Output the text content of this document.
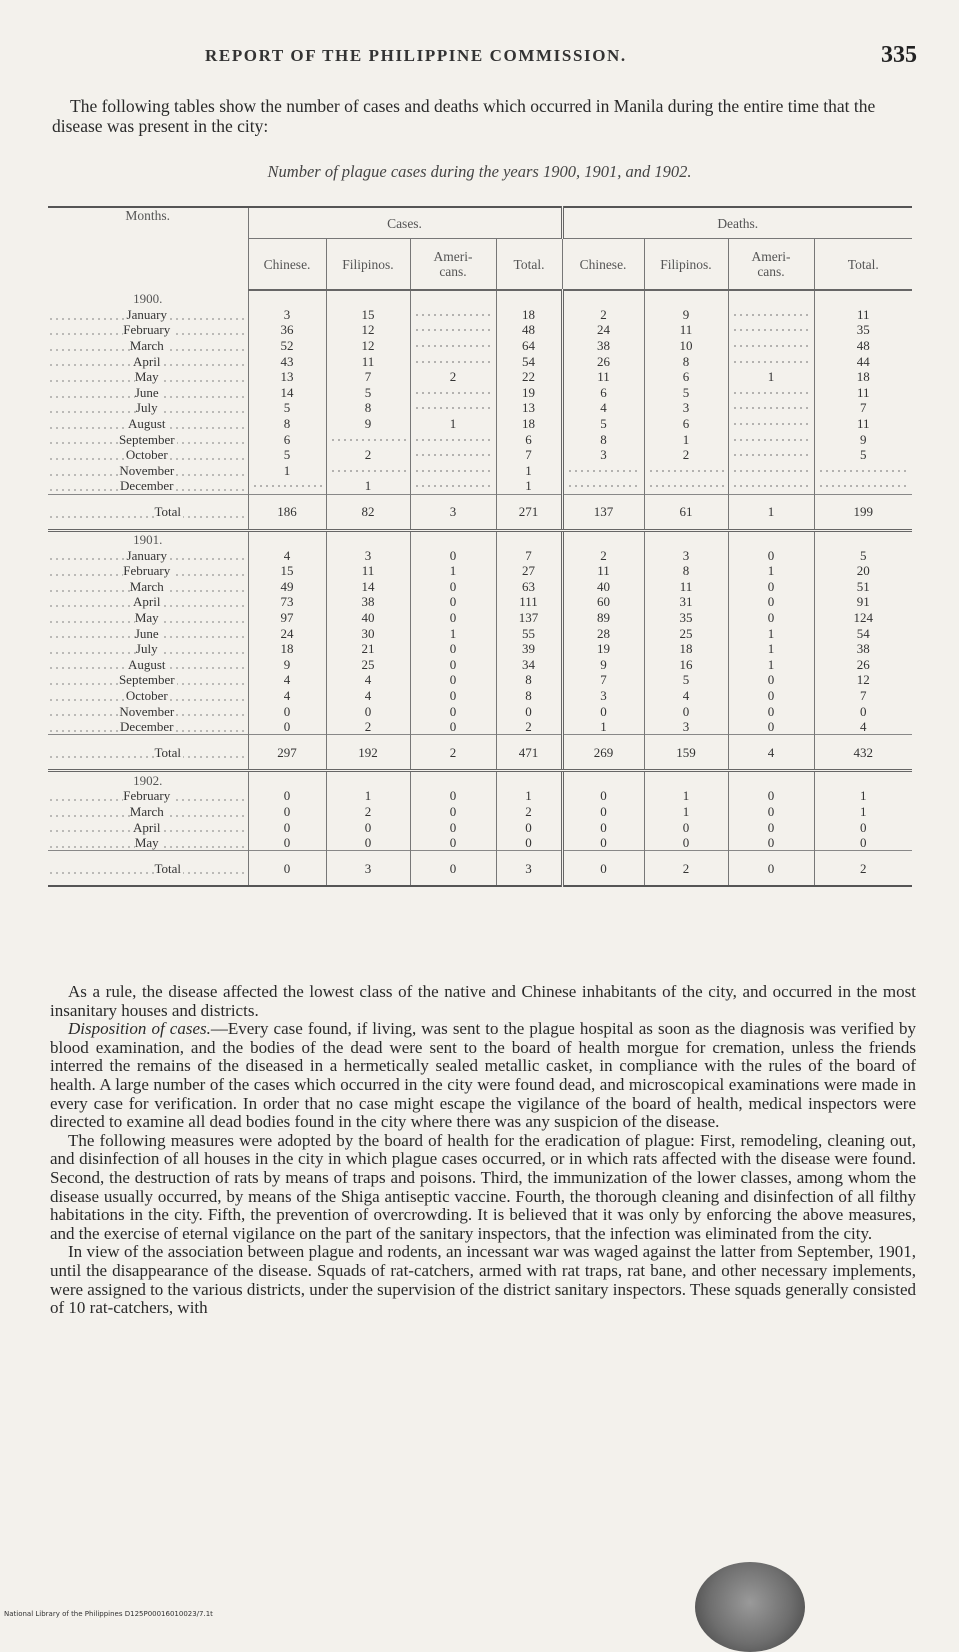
REPORT OF THE PHILIPPINE COMMISSION.	335

The following tables show the number of cases and deaths which occurred in Manila during the entire time that the disease was present in the city:

Number of plague cases during the years 1900, 1901, and 1902.
Months.	Cases.				Deaths.			
	Chinese.	Filipinos.	Ameri-
cans.	Total.	Chinese.	Filipinos.	Ameri-
cans.	Total.
1900.								
January	3	15		18	2	9		11
February	36	12		48	24	11		35
March	52	12		64	38	10		48
April	43	11		54	26	8		44
May	13	7	2	22	11	6	1	18
June	14	5		19	6	5		11
July	5	8		13	4	3		7
August	8	9	1	18	5	6		11
September	6			6	8	1		9
October	5	2		7	3	2		5
November	1			1				
December		1		1				
Total	186	82	3	271	137	61	1	199
1901.								
January	4	3	0	7	2	3	0	5
February	15	11	1	27	11	8	1	20
March	49	14	0	63	40	11	0	51
April	73	38	0	111	60	31	0	91
May	97	40	0	137	89	35	0	124
June	24	30	1	55	28	25	1	54
July	18	21	0	39	19	18	1	38
August	9	25	0	34	9	16	1	26
September	4	4	0	8	7	5	0	12
October	4	4	0	8	3	4	0	7
November	0	0	0	0	0	0	0	0
December	0	2	0	2	1	3	0	4
Total	297	192	2	471	269	159	4	432
1902.								
February	0	1	0	1	0	1	0	1
March	0	2	0	2	0	1	0	1
April	0	0	0	0	0	0	0	0
May	0	0	0	0	0	0	0	0
Total	0	3	0	3	0	2	0	2

As a rule, the disease affected the lowest class of the native and Chinese inhabitants of the city, and occurred in the most insanitary houses and districts.

Disposition of cases.—Every case found, if living, was sent to the plague hospital as soon as the diagnosis was verified by blood examination, and the bodies of the dead were sent to the board of health morgue for cremation, unless the friends interred the remains of the diseased in a hermetically sealed metallic casket, in compliance with the rules of the board of health. A large number of the cases which occurred in the city were found dead, and microscopical examinations were made in every case for verification. In order that no case might escape the vigilance of the board of health, medical inspectors were directed to examine all dead bodies found in the city where there was any suspicion of the disease.

The following measures were adopted by the board of health for the eradication of plague: First, remodeling, cleaning out, and disinfection of all houses in the city in which plague cases occurred, or in which rats affected with the disease were found. Second, the destruction of rats by means of traps and poisons. Third, the immunization of the lower classes, among whom the disease usually occurred, by means of the Shiga antiseptic vaccine. Fourth, the thorough cleaning and disinfection of all filthy habitations in the city. Fifth, the prevention of overcrowding. It is believed that it was only by enforcing the above measures, and the exercise of eternal vigilance on the part of the sanitary inspectors, that the infection was eliminated from the city.

In view of the association between plague and rodents, an incessant war was waged against the latter from September, 1901, until the disappearance of the disease. Squads of rat-catchers, armed with rat traps, rat bane, and other necessary implements, were assigned to the various districts, under the supervision of the district sanitary inspectors. These squads generally consisted of 10 rat-catchers, with

National Library of the Philippines D125P00016010023/7.1t
